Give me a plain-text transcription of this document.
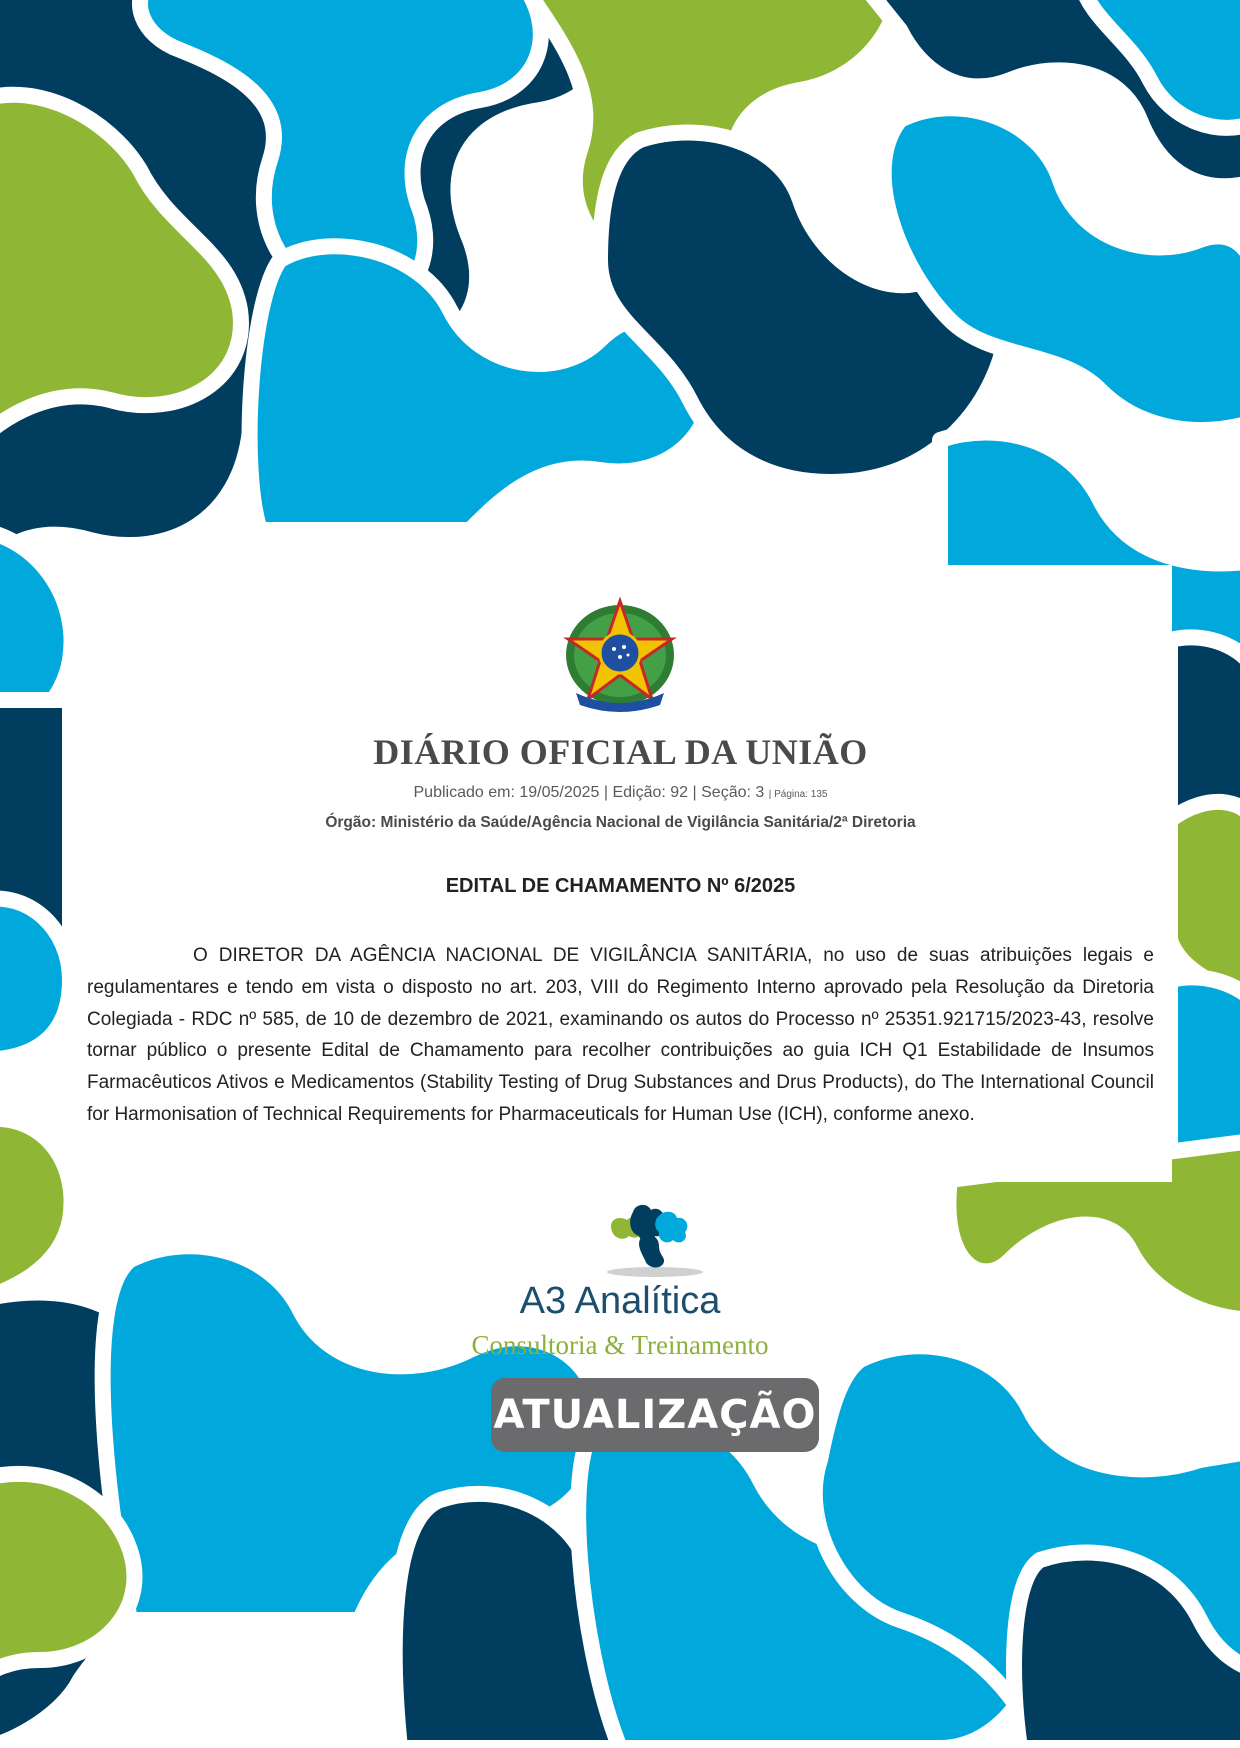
DIÁRIO OFICIAL DA UNIÃO
Publicado em: 19/05/2025 | Edição: 92 | Seção: 3 | Página: 135
Órgão: Ministério da Saúde/Agência Nacional de Vigilância Sanitária/2ª Diretoria
EDITAL DE CHAMAMENTO Nº 6/2025

O DIRETOR DA AGÊNCIA NACIONAL DE VIGILÂNCIA SANITÁRIA, no uso de suas atribuições legais e regulamentares e tendo em vista o disposto no art. 203, VIII do Regimento Interno aprovado pela Resolução da Diretoria Colegiada - RDC nº 585, de 10 de dezembro de 2021, examinando os autos do Processo nº 25351.921715/2023-43, resolve tornar público o presente Edital de Chamamento para recolher contribuições ao guia ICH Q1 Estabilidade de Insumos Farmacêuticos Ativos e Medicamentos (Stability Testing of Drug Substances and Drus Products), do The International Council for Harmonisation of Technical Requirements for Pharmaceuticals for Human Use (ICH), conforme anexo.

A3 Analítica
Consultoria & Treinamento
ATUALIZAÇÃO
